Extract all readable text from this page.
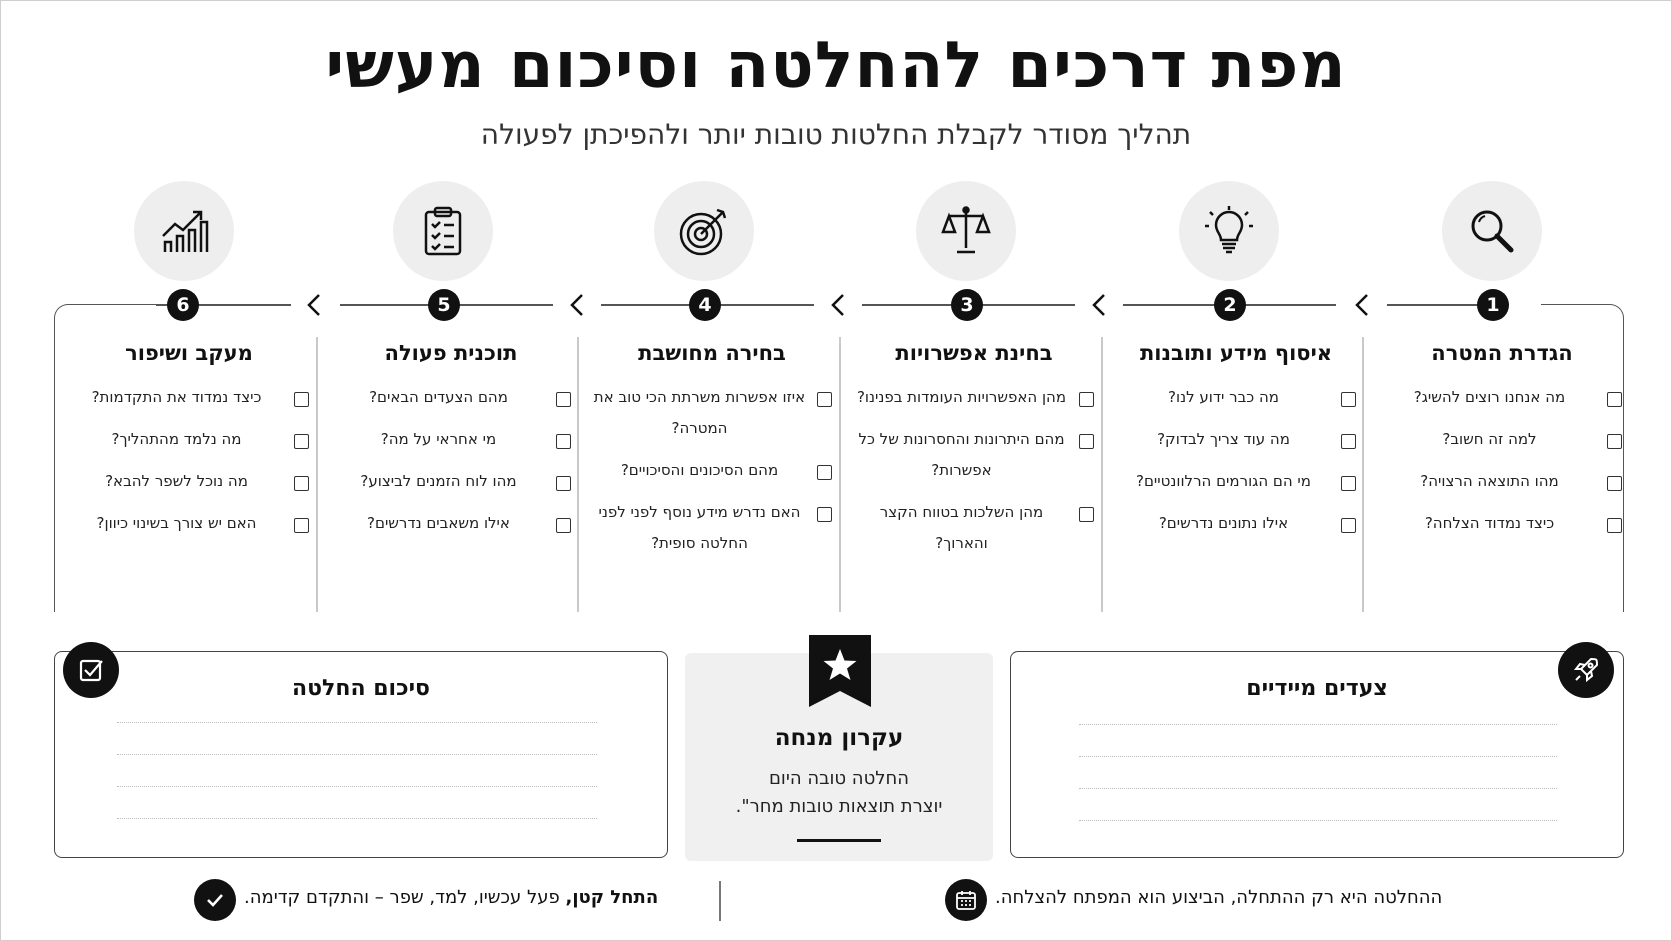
מפת דרכים להחלטה וסיכום מעשי
תהליך מסודר לקבלת החלטות טובות יותר ולהפיכתן לפעולה
1
2
3
4
5
6
הגדרת המטרה
מה אנחנו רוצים להשיג?
למה זה חשוב?
מהו התוצאה הרצויה?
כיצד נמדוד הצלחה?
איסוף מידע ותובנות
מה כבר ידוע לנו?
מה עוד צריך לבדוק?
מי הם הגורמים הרלוונטיים?
אילו נתונים נדרשים?
בחינת אפשרויות
מהן האפשרויות העומדות בפנינו?
מהם היתרונות והחסרונות של כל אפשרות?
מהן השלכות בטווח הקצר והארוך?
בחירה מחושבת
איזו אפשרות משרתת הכי טוב את המטרה?
מהם הסיכונים והסיכויים?
האם נדרש מידע נוסף לפני לפני החלטה סופית?
תוכנית פעולה
מהם הצעדים הבאים?
מי אחראי על מה?
מהו לוח הזמנים לביצוע?
אילו משאבים נדרשים?
מעקב ושיפור
כיצד נמדוד את התקדמות?
מה נלמד מהתהליך?
מה נוכל לשפר להבא?
האם יש צורך בשינוי כיוון?
צעדים מיידיים
סיכום החלטה
עקרון מנחה
החלטה טובה היום
יוצרת תוצאות טובות מחר".
ההחלטה היא רק ההתחלה, הביצוע הוא המפתח להצלחה.
התחל קטן, פעל עכשיו, למד, שפר – והתקדם קדימה.
